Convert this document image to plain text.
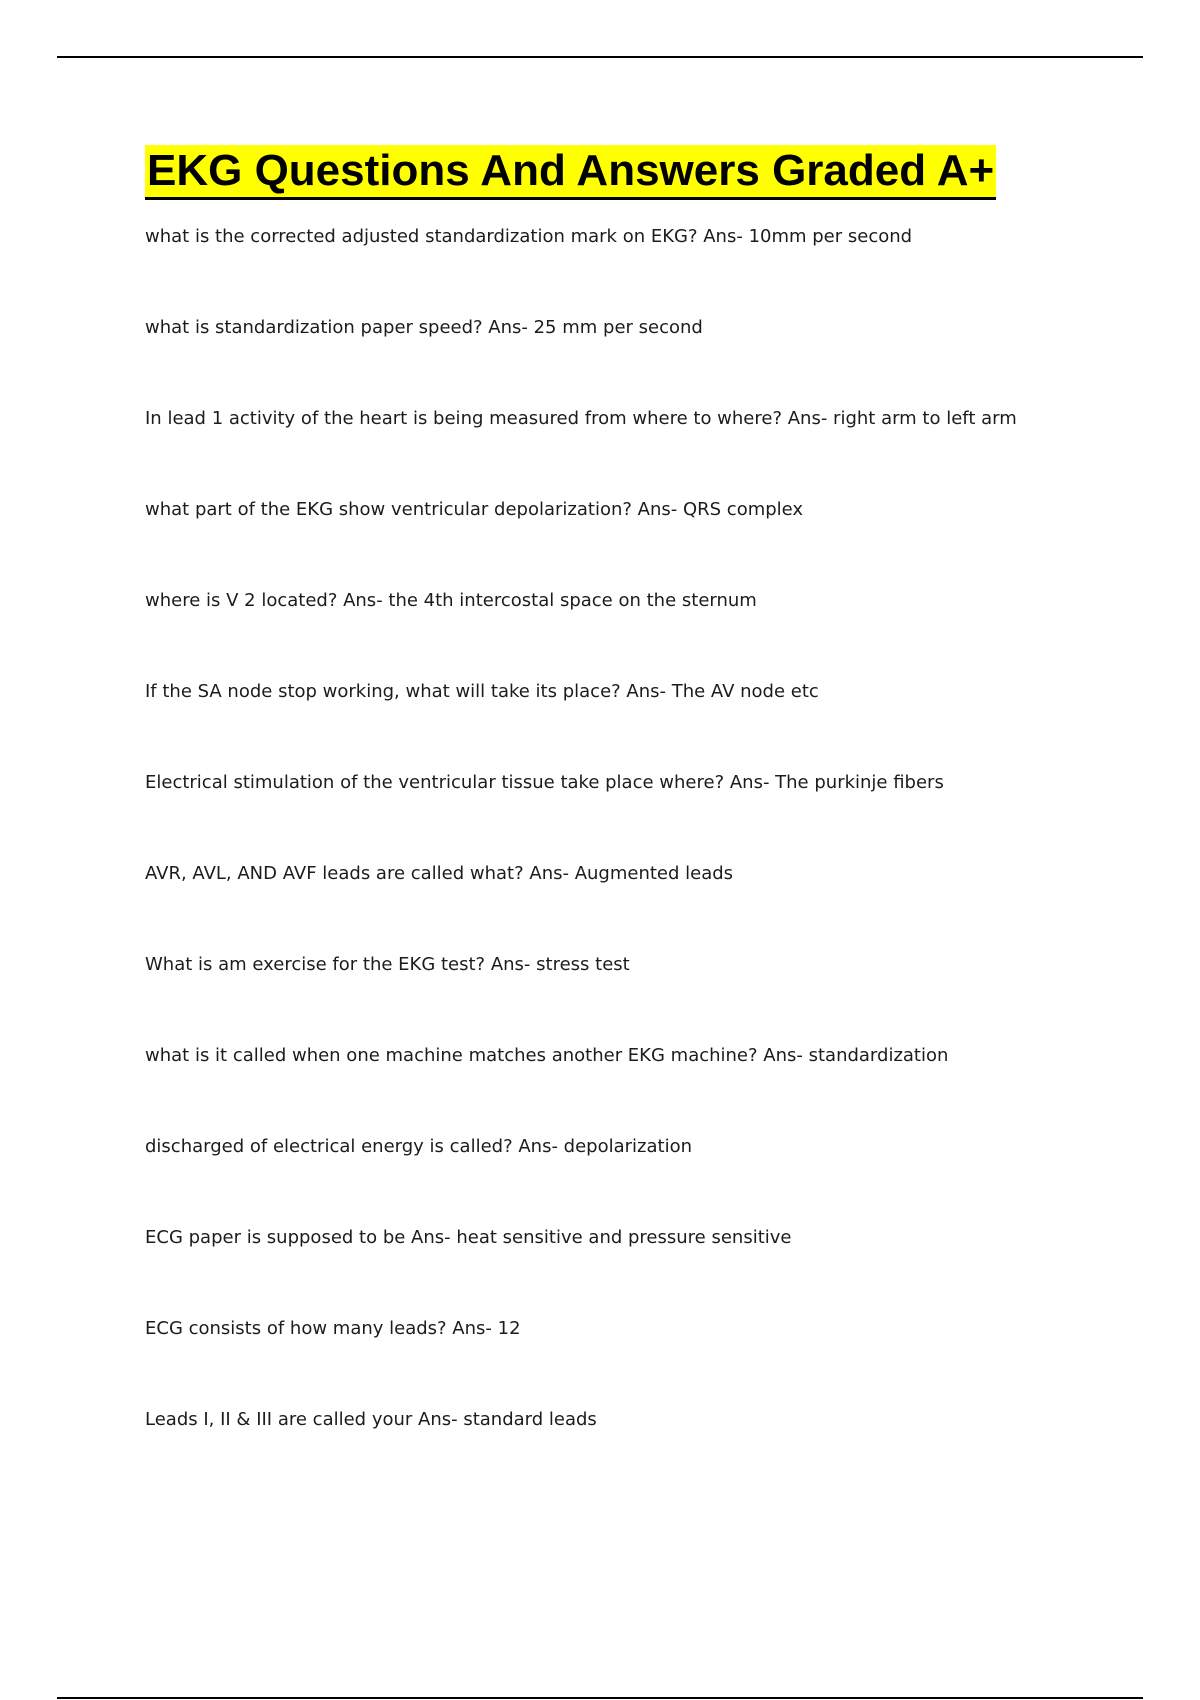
EKG Questions And Answers Graded A+
what is the corrected adjusted standardization mark on EKG? Ans- 10mm per second
what is standardization paper speed? Ans- 25 mm per second
In lead 1 activity of the heart is being measured from where to where? Ans- right arm to left arm
what part of the EKG show ventricular depolarization? Ans- QRS complex
where is V 2 located? Ans- the 4th intercostal space on the sternum
If the SA node stop working, what will take its place? Ans- The AV node etc
Electrical stimulation of the ventricular tissue take place where? Ans- The purkinje fibers
AVR, AVL, AND AVF leads are called what? Ans- Augmented leads
What is am exercise for the EKG test? Ans- stress test
what is it called when one machine matches another EKG machine? Ans- standardization
discharged of electrical energy is called? Ans- depolarization
ECG paper is supposed to be Ans- heat sensitive and pressure sensitive
ECG consists of how many leads? Ans- 12
Leads I, II & III are called your Ans- standard leads
